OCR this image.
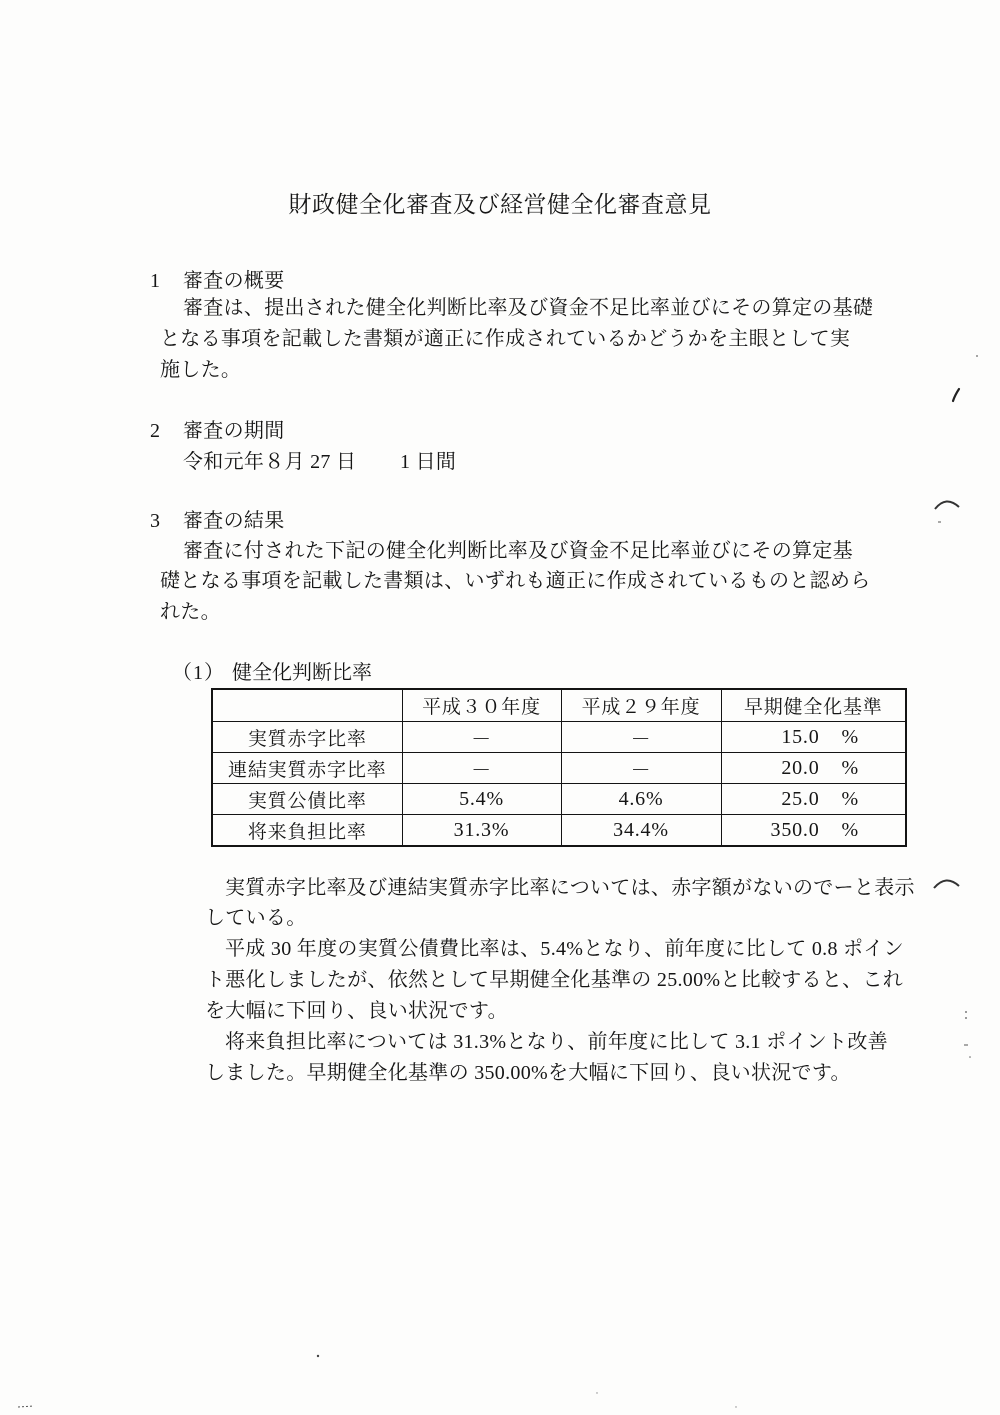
財政健全化審査及び経営健全化審査意見
1	審査の概要
審査は、提出された健全化判断比率及び資金不足比率並びにその算定の基礎
となる事項を記載した書類が適正に作成されているかどうかを主眼として実
施した。
2	審査の期間
令和元年８月 27 日 1 日間
3	審査の結果
審査に付された下記の健全化判断比率及び資金不足比率並びにその算定基
礎となる事項を記載した書類は、いずれも適正に作成されているものと認めら
れた。
（1） 健全化判断比率
	平成３０年度	平成２９年度	早期健全化基準
実質赤字比率	－	－	15.0 %
連結実質赤字比率	－	－	20.0 %
実質公債比率	5.4%	4.6%	25.0 %
将来負担比率	31.3%	34.4%	350.0 %
実質赤字比率及び連結実質赤字比率については、赤字額がないのでーと表示
している。
平成 30 年度の実質公債費比率は、5.4%となり、前年度に比して 0.8 ポイン
ト悪化しましたが、依然として早期健全化基準の 25.00%と比較すると、これ
を大幅に下回り、良い状況です。
将来負担比率については 31.3%となり、前年度に比して 3.1 ポイント改善
しました。早期健全化基準の 350.00%を大幅に下回り、良い状況です。
